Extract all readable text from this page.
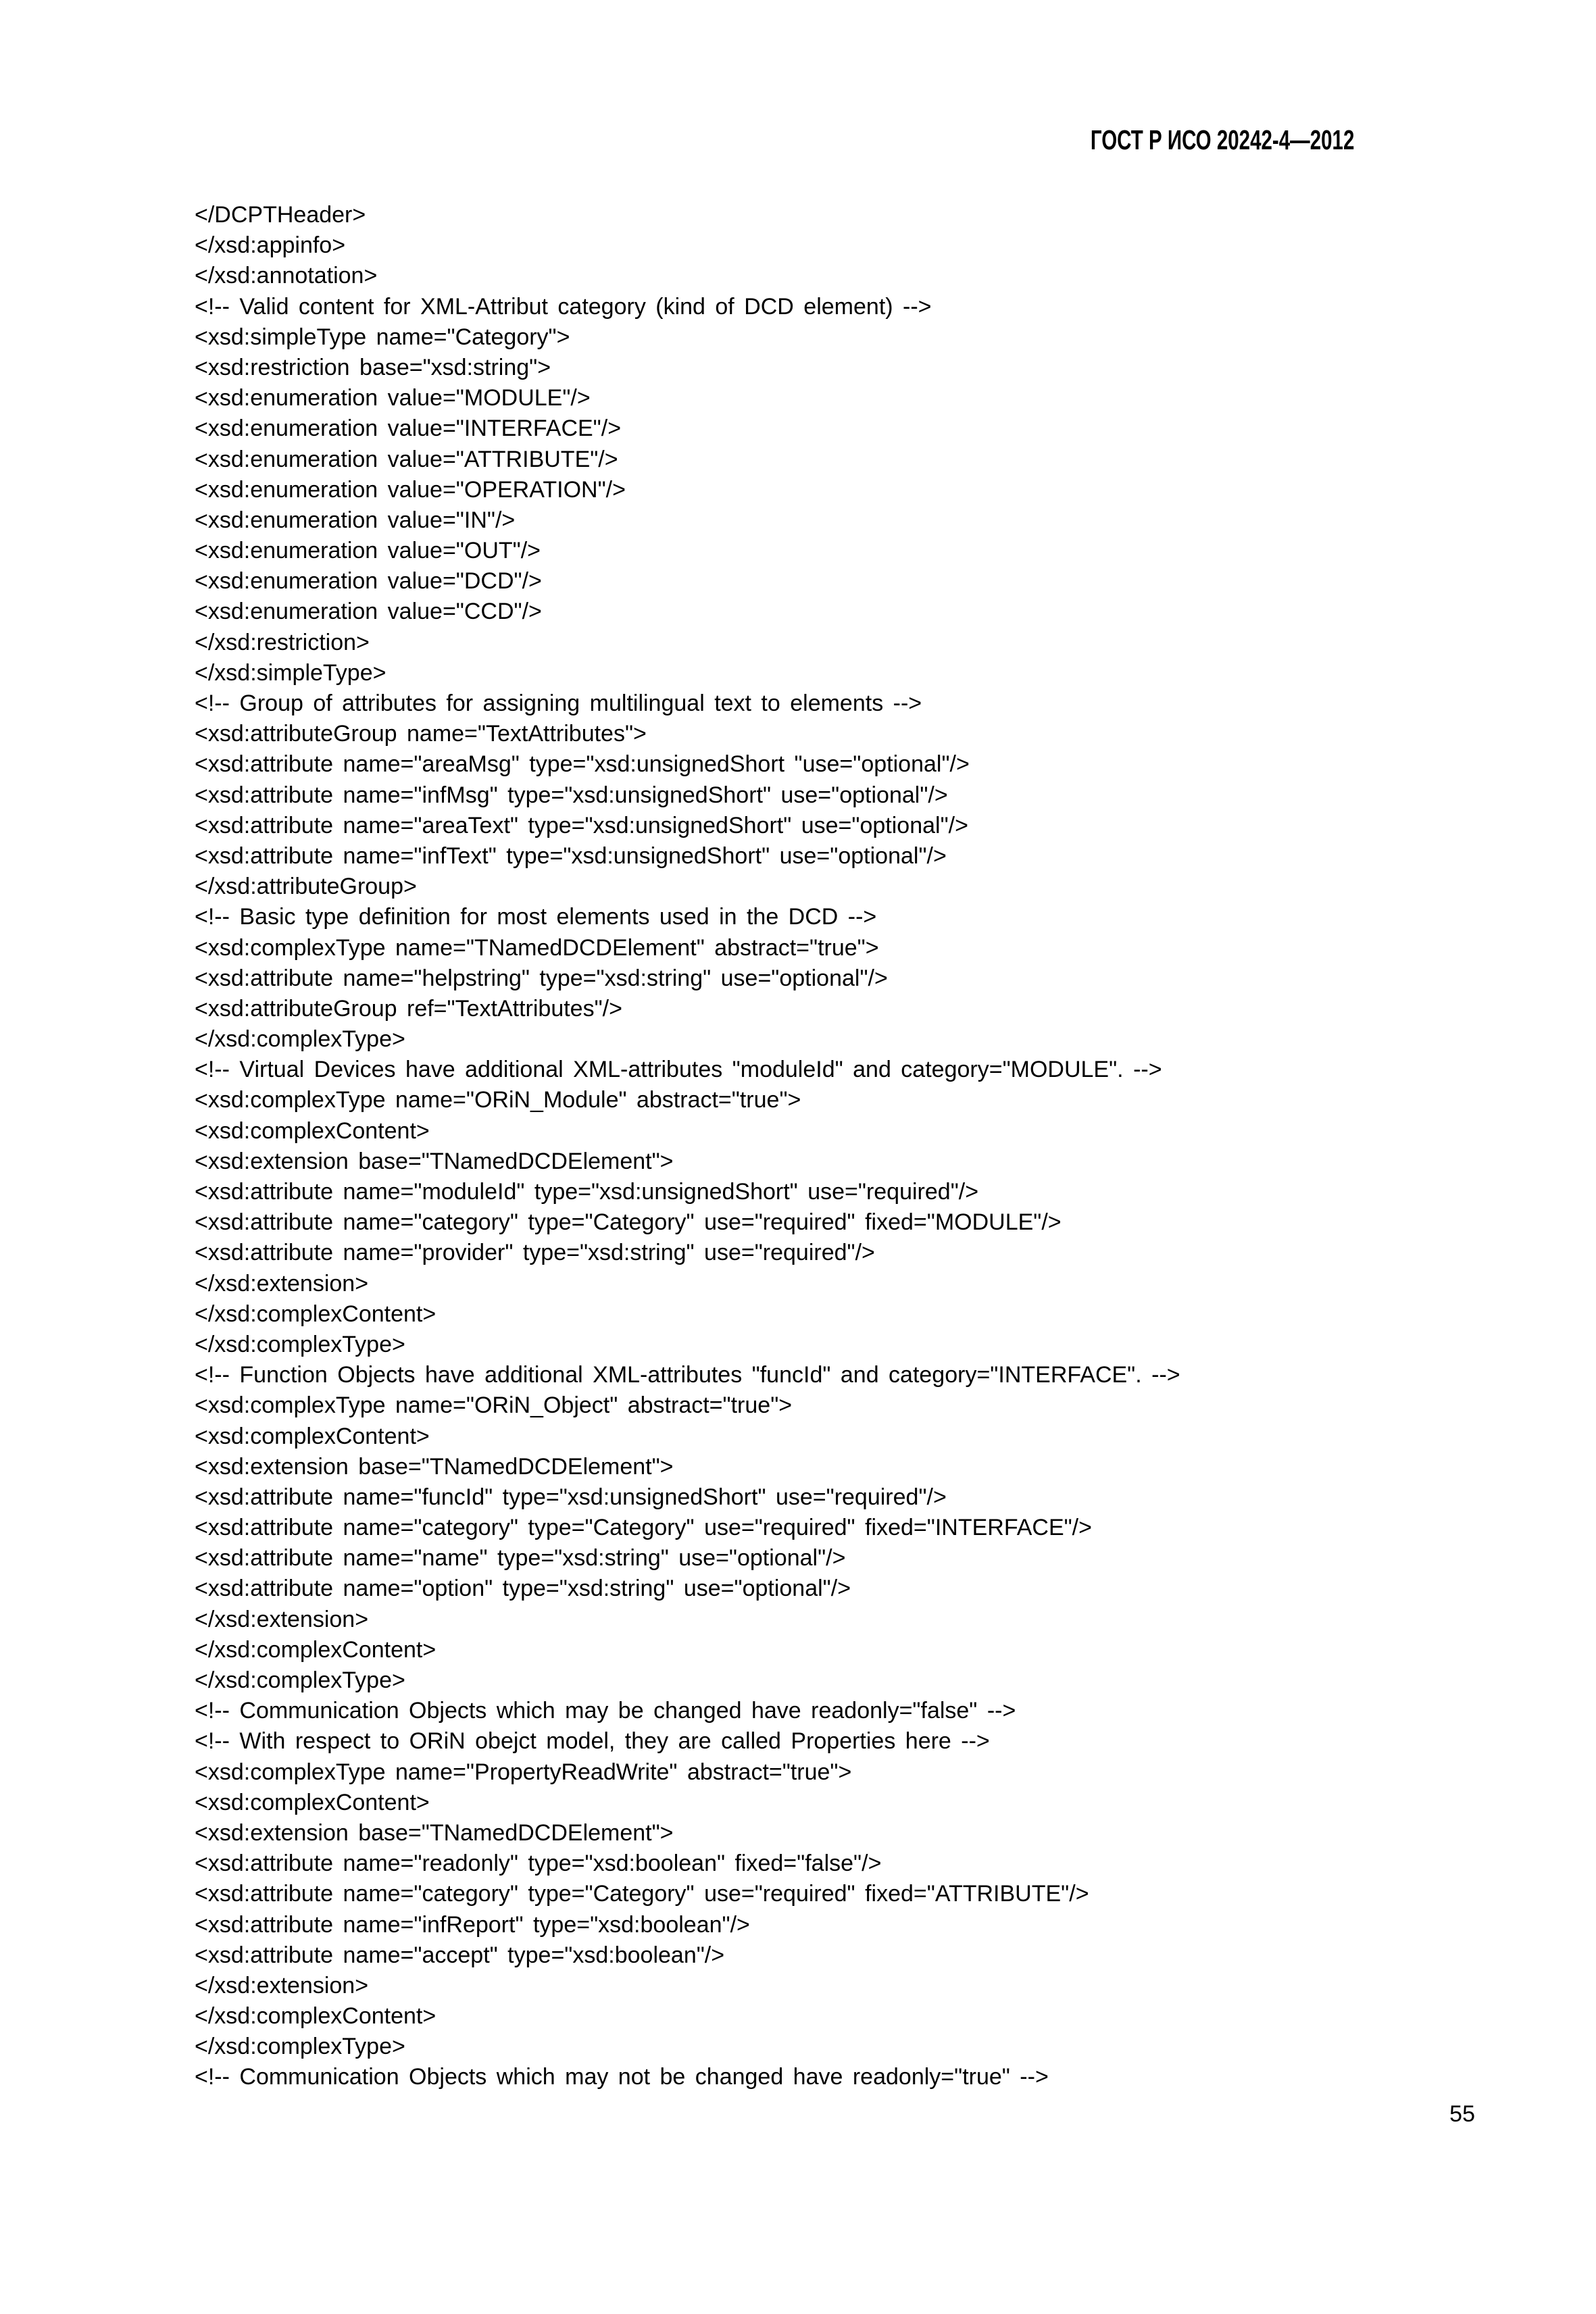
ГОСТ Р ИСО 20242-4—2012
</DCPTHeader>
</xsd:appinfo>
</xsd:annotation>
<!-- Valid content for XML-Attribut category (kind of DCD element) -->
<xsd:simpleType name="Category">
<xsd:restriction base="xsd:string">
<xsd:enumeration value="MODULE"/>
<xsd:enumeration value="INTERFACE"/>
<xsd:enumeration value="ATTRIBUTE"/>
<xsd:enumeration value="OPERATION"/>
<xsd:enumeration value="IN"/>
<xsd:enumeration value="OUT"/>
<xsd:enumeration value="DCD"/>
<xsd:enumeration value="CCD"/>
</xsd:restriction>
</xsd:simpleType>
<!-- Group of attributes for assigning multilingual text to elements -->
<xsd:attributeGroup name="TextAttributes">
<xsd:attribute name="areaMsg" type="xsd:unsignedShort "use="optional"/>
<xsd:attribute name="infMsg" type="xsd:unsignedShort" use="optional"/>
<xsd:attribute name="areaText" type="xsd:unsignedShort" use="optional"/>
<xsd:attribute name="infText" type="xsd:unsignedShort" use="optional"/>
</xsd:attributeGroup>
<!-- Basic type definition for most elements used in the DCD -->
<xsd:complexType name="TNamedDCDElement" abstract="true">
<xsd:attribute name="helpstring" type="xsd:string" use="optional"/>
<xsd:attributeGroup ref="TextAttributes"/>
</xsd:complexType>
<!-- Virtual Devices have additional XML-attributes "moduleId" and category="MODULE". -->
<xsd:complexType name="ORiN_Module" abstract="true">
<xsd:complexContent>
<xsd:extension base="TNamedDCDElement">
<xsd:attribute name="moduleId" type="xsd:unsignedShort" use="required"/>
<xsd:attribute name="category" type="Category" use="required" fixed="MODULE"/>
<xsd:attribute name="provider" type="xsd:string" use="required"/>
</xsd:extension>
</xsd:complexContent>
</xsd:complexType>
<!-- Function Objects have additional XML-attributes "funcId" and category="INTERFACE". -->
<xsd:complexType name="ORiN_Object" abstract="true">
<xsd:complexContent>
<xsd:extension base="TNamedDCDElement">
<xsd:attribute name="funcId" type="xsd:unsignedShort" use="required"/>
<xsd:attribute name="category" type="Category" use="required" fixed="INTERFACE"/>
<xsd:attribute name="name" type="xsd:string" use="optional"/>
<xsd:attribute name="option" type="xsd:string" use="optional"/>
</xsd:extension>
</xsd:complexContent>
</xsd:complexType>
<!-- Communication Objects which may be changed have readonly="false" -->
<!-- With respect to ORiN obejct model, they are called Properties here -->
<xsd:complexType name="PropertyReadWrite" abstract="true">
<xsd:complexContent>
<xsd:extension base="TNamedDCDElement">
<xsd:attribute name="readonly" type="xsd:boolean" fixed="false"/>
<xsd:attribute name="category" type="Category" use="required" fixed="ATTRIBUTE"/>
<xsd:attribute name="infReport" type="xsd:boolean"/>
<xsd:attribute name="accept" type="xsd:boolean"/>
</xsd:extension>
</xsd:complexContent>
</xsd:complexType>
<!-- Communication Objects which may not be changed have readonly="true" -->
55
